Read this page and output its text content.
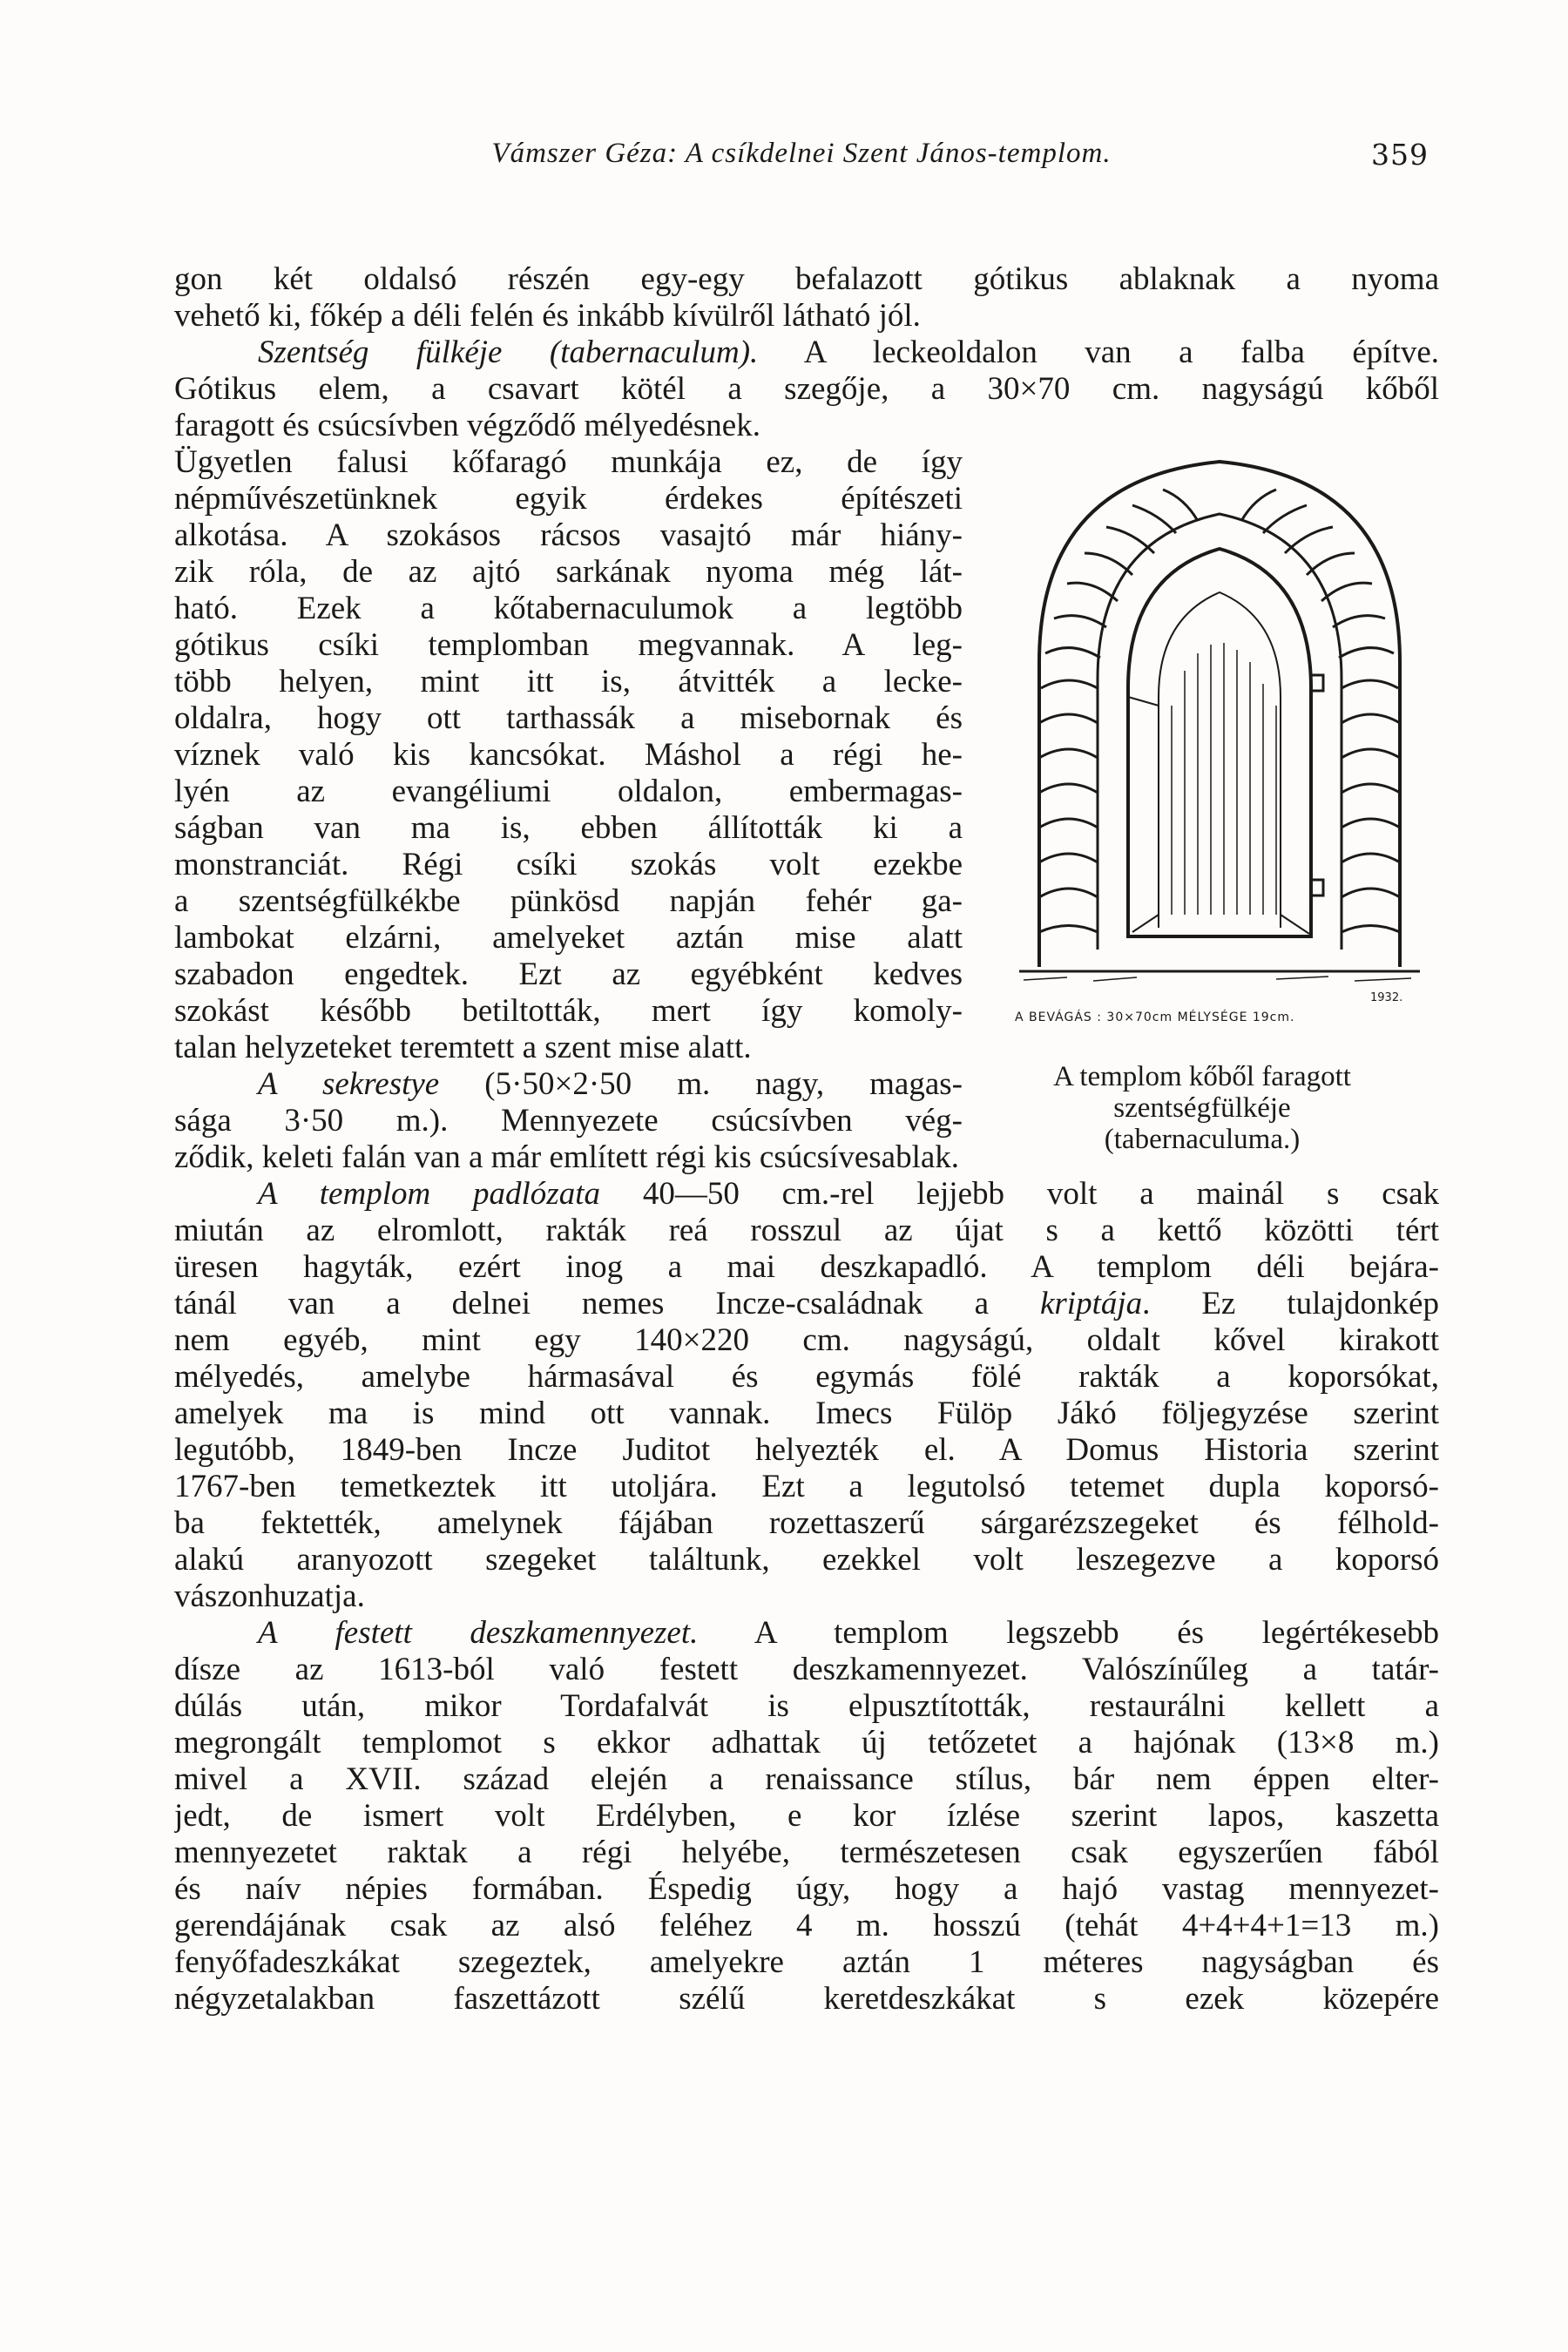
Vámszer Géza: A csíkdelnei Szent János-templom.	359
gon két oldalsó részén egy-egy befalazott gótikus ablaknak a nyoma
vehető ki, főkép a déli felén és inkább kívülről látható jól.
Szentség fülkéje (tabernaculum). A leckeoldalon van a falba építve.
Gótikus elem, a csavart kötél a szegője, a 30×70 cm. nagyságú kőből
faragott és csúcsívben végződő mélyedésnek.
Ügyetlen falusi kőfaragó munkája ez, de így
népművészetünknek egyik érdekes építészeti
alkotása. A szokásos rácsos vasajtó már hiány-
zik róla, de az ajtó sarkának nyoma még lát-
ható. Ezek a kőtabernaculumok a legtöbb
gótikus csíki templomban megvannak. A leg-
több helyen, mint itt is, átvitték a lecke-
oldalra, hogy ott tarthassák a misebornak és
víznek való kis kancsókat. Máshol a régi he-
lyén az evangéliumi oldalon, embermagas-
ságban van ma is, ebben állították ki a
monstranciát. Régi csíki szokás volt ezekbe
a szentségfülkékbe pünkösd napján fehér ga-
lambokat elzárni, amelyeket aztán mise alatt
szabadon engedtek. Ezt az egyébként kedves
szokást később betiltották, mert így komoly-
talan helyzeteket teremtett a szent mise alatt.
A sekrestye (5·50×2·50 m. nagy, magas-
sága 3·50 m.). Mennyezete csúcsívben vég-
ződik, keleti falán van a már említett régi kis csúcsívesablak.
A templom padlózata 40—50 cm.-rel lejjebb volt a mainál s csak
miután az elromlott, rakták reá rosszul az újat s a kettő közötti tért
üresen hagyták, ezért inog a mai deszkapadló. A templom déli bejára-
tánál van a delnei nemes Incze-családnak a kriptája. Ez tulajdonkép
nem egyéb, mint egy 140×220 cm. nagyságú, oldalt kővel kirakott
mélyedés, amelybe hármasával és egymás fölé rakták a koporsókat,
amelyek ma is mind ott vannak. Imecs Fülöp Jákó följegyzése szerint
legutóbb, 1849-ben Incze Juditot helyezték el. A Domus Historia szerint
1767-ben temetkeztek itt utoljára. Ezt a legutolsó tetemet dupla koporsó-
ba fektették, amelynek fájában rozettaszerű sárgarézszegeket és félhold-
alakú aranyozott szegeket találtunk, ezekkel volt leszegezve a koporsó
vászonhuzatja.
A festett deszkamennyezet. A templom legszebb és legértékesebb
dísze az 1613-ból való festett deszkamennyezet. Valószínűleg a tatár-
dúlás után, mikor Tordafalvát is elpusztították, restaurálni kellett a
megrongált templomot s ekkor adhattak új tetőzetet a hajónak (13×8 m.)
mivel a XVII. század elején a renaissance stílus, bár nem éppen elter-
jedt, de ismert volt Erdélyben, e kor ízlése szerint lapos, kaszetta
mennyezetet raktak a régi helyébe, természetesen csak egyszerűen fából
és naív népies formában. Éspedig úgy, hogy a hajó vastag mennyezet-
gerendájának csak az alsó feléhez 4 m. hosszú (tehát 4+4+4+1=13 m.)
fenyőfadeszkákat szegeztek, amelyekre aztán 1 méteres nagyságban és
négyzetalakban faszettázott szélű keretdeszkákat s ezek közepére
1932.
A BEVÁGÁS : 30×70cm MÉLYSÉGE 19cm.
A templom kőből faragott
szentségfülkéje
(tabernaculuma.)
